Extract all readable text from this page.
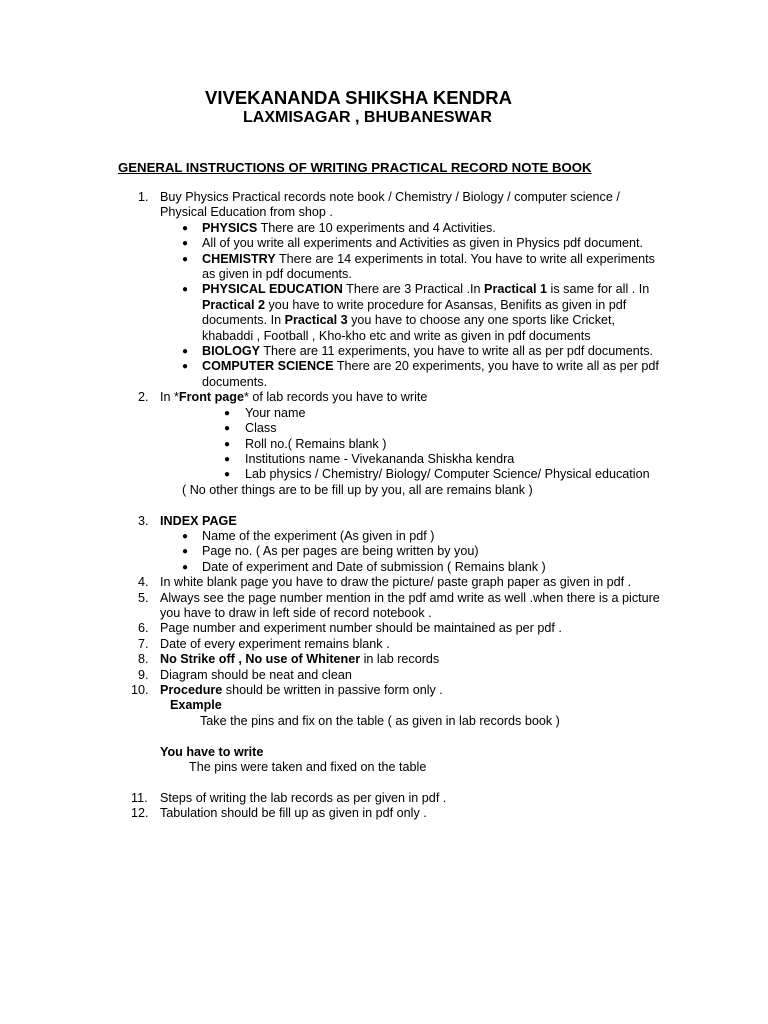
VIVEKANANDA SHIKSHA KENDRA
LAXMISAGAR , BHUBANESWAR
GENERAL INSTRUCTIONS OF WRITING PRACTICAL RECORD NOTE BOOK
1. Buy Physics Practical records note book / Chemistry / Biology / computer science / Physical Education from shop .
● PHYSICS There are 10 experiments and 4 Activities.
● All of you write all experiments and Activities as given in Physics pdf document.
● CHEMISTRY There are 14 experiments in total. You have to write all experiments as given in pdf documents.
● PHYSICAL EDUCATION There are 3 Practical .In Practical 1 is same for all . In Practical 2 you have to write procedure for Asansas, Benifits as given in pdf documents. In Practical 3 you have to choose any one sports like Cricket, khabaddi , Football , Kho-kho etc and write as given in pdf documents
● BIOLOGY There are 11 experiments, you have to write all as per pdf documents.
● COMPUTER SCIENCE There are 20 experiments, you have to write all as per pdf documents.
2. In *Front page* of lab records you have to write
● Your name
● Class
● Roll no.( Remains blank )
● Institutions name - Vivekananda Shiskha kendra
● Lab physics / Chemistry/ Biology/ Computer Science/ Physical education
( No other things are to be fill up by you, all are remains blank )
3. INDEX PAGE
● Name of the experiment (As given in pdf )
● Page no. ( As per pages are being written by you)
● Date of experiment and Date of submission ( Remains blank )
4. In white blank page you have to draw the picture/ paste graph paper as given in pdf .
5. Always see the page number mention in the pdf amd write as well .when there is a picture you have to draw in left side of record notebook .
6. Page number and experiment number should be maintained as per pdf .
7. Date of every experiment remains blank .
8. No Strike off , No use of Whitener in lab records
9. Diagram should be neat and clean
10. Procedure should be written in passive form only .
Example
Take the pins and fix on the table ( as given in lab records book )
You have to write
The pins were taken and fixed on the table
11. Steps of writing the lab records as per given in pdf .
12. Tabulation should be fill up as given in pdf only .
